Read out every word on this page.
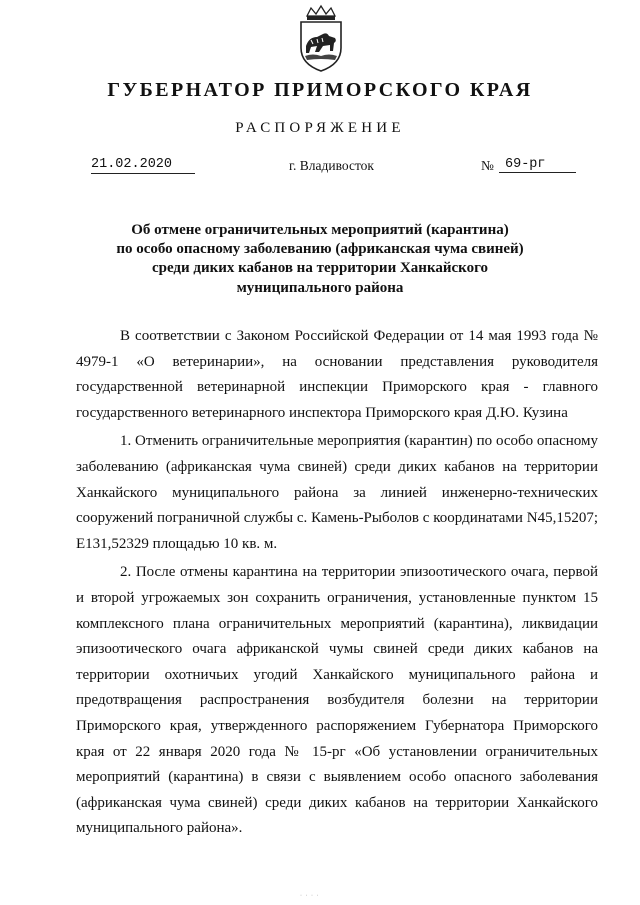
ГУБЕРНАТОР ПРИМОРСКОГО КРАЯ
РАСПОРЯЖЕНИЕ
21.02.2020	г. Владивосток	№ 69-рг
Об отмене ограничительных мероприятий (карантина)
по особо опасному заболеванию (африканская чума свиней)
среди диких кабанов на территории Ханкайского
муниципального района

В соответствии с Законом Российской Федерации от 14 мая 1993 года № 4979-1 «О ветеринарии», на основании представления руководителя государственной ветеринарной инспекции Приморского края - главного государственного ветеринарного инспектора Приморского края Д.Ю. Кузина

1. Отменить ограничительные мероприятия (карантин) по особо опасному заболеванию (африканская чума свиней) среди диких кабанов на территории Ханкайского муниципального района за линией инженерно-технических сооружений пограничной службы с. Камень-Рыболов с координатами N45,15207; E131,52329 площадью 10 кв. м.

2. После отмены карантина на территории эпизоотического очага, первой и второй угрожаемых зон сохранить ограничения, установленные пунктом 15 комплексного плана ограничительных мероприятий (карантина), ликвидации эпизоотического очага африканской чумы свиней среди диких кабанов на территории охотничьих угодий Ханкайского муниципального района и предотвращения распространения возбудителя болезни на территории Приморского края, утвержденного распоряжением Губернатора Приморского края от 22 января 2020 года № 15-рг «Об установлении ограничительных мероприятий (карантина) в связи с выявлением особо опасного заболевания (африканская чума свиней) среди диких кабанов на территории Ханкайского муниципального района».

· · · ·
